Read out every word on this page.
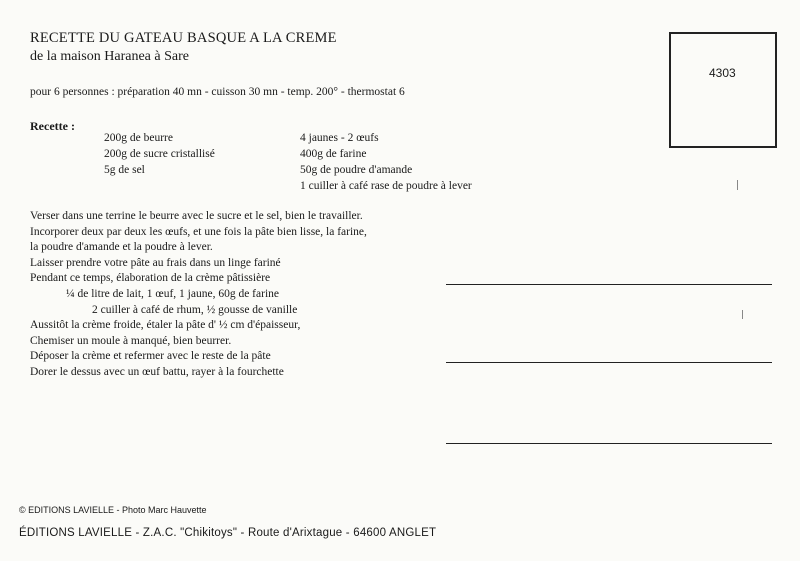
RECETTE DU GATEAU BASQUE A LA CREME
de la maison Haranea à Sare
pour 6 personnes : préparation 40 mn - cuisson 30 mn - temp. 200° - thermostat 6
Recette :
200g de beurre
200g de sucre cristallisé
5g de sel
4 jaunes - 2 œufs
400g de farine
50g de poudre d'amande
1 cuiller à café rase de poudre à lever
Verser dans une terrine le beurre avec le sucre et le sel, bien le travailler.
Incorporer deux par deux les œufs, et une fois la pâte bien lisse, la farine,
la poudre d'amande et la poudre à lever.
Laisser prendre votre pâte au frais dans un linge fariné
Pendant ce temps, élaboration de la crème pâtissière
¼ de litre de lait, 1 œuf, 1 jaune, 60g de farine
2 cuiller à café de rhum, ½ gousse de vanille
Aussitôt la crème froide, étaler la pâte d' ½ cm d'épaisseur,
Chemiser un moule à manqué, bien beurrer.
Déposer la crème et refermer avec le reste de la pâte
Dorer le dessus avec un œuf battu, rayer à la fourchette
4303
© EDITIONS LAVIELLE - Photo Marc Hauvette
ÉDITIONS LAVIELLE - Z.A.C. "Chikitoys" - Route d'Arixtague - 64600 ANGLET
